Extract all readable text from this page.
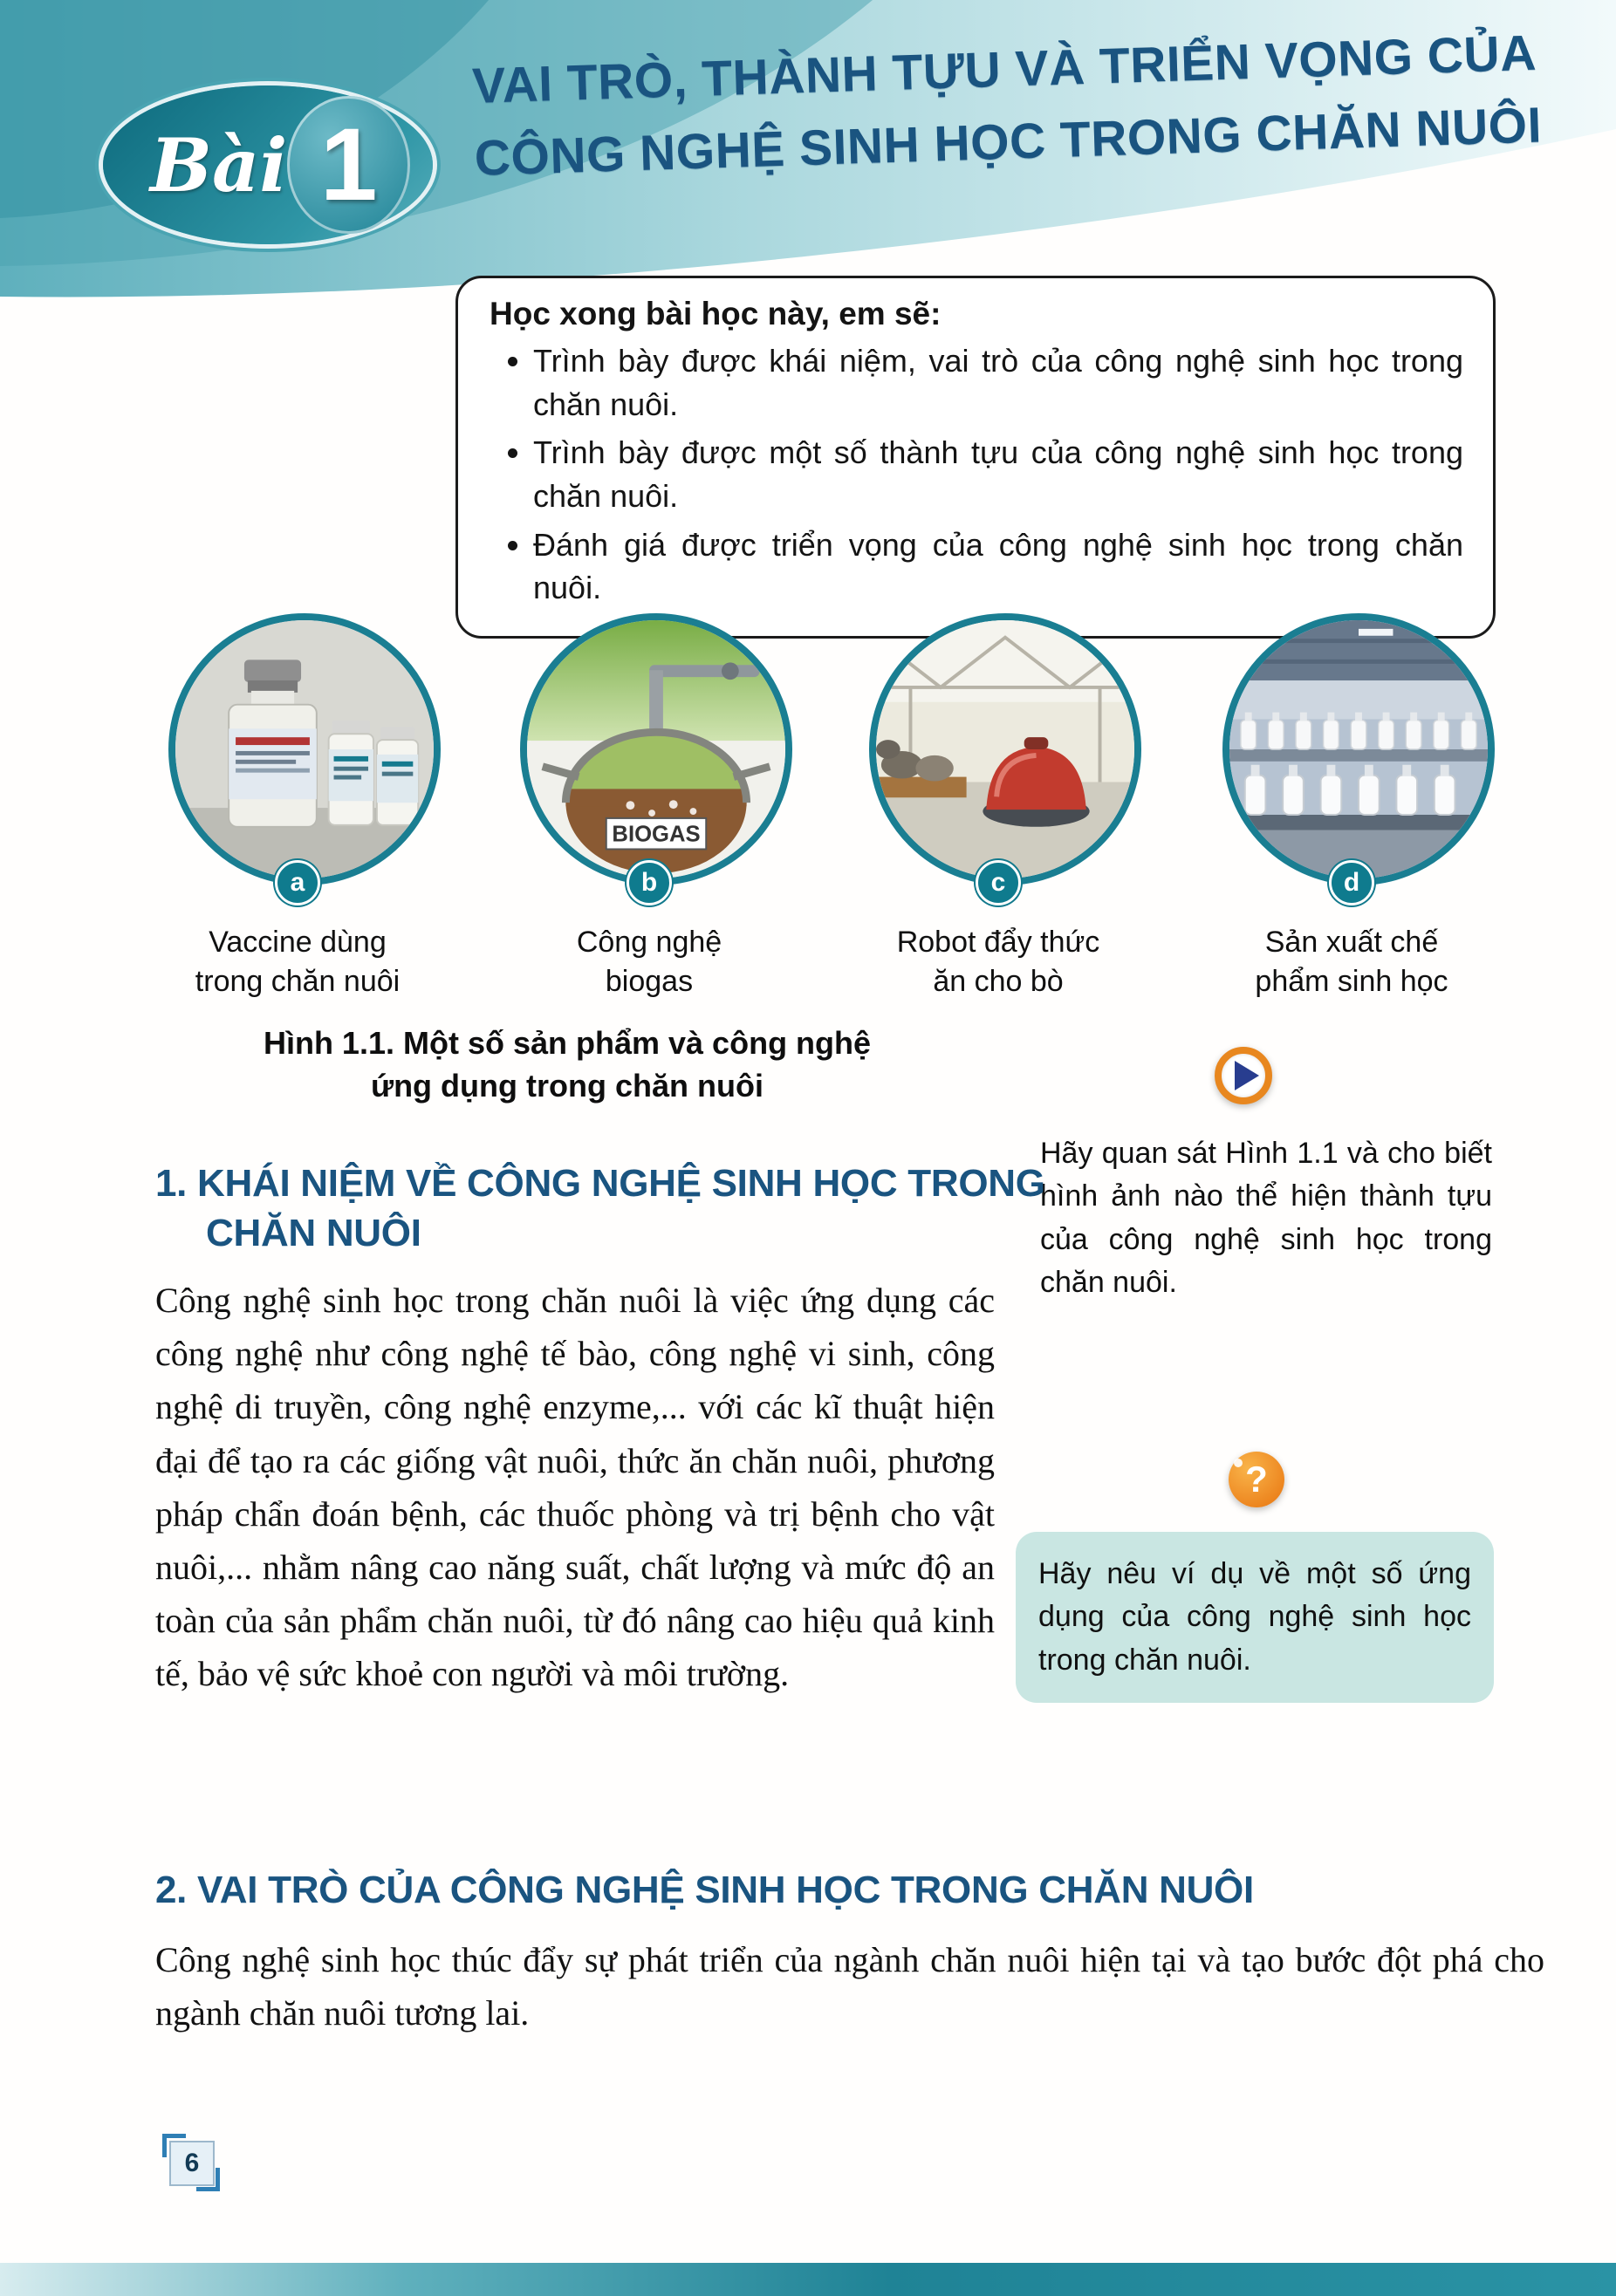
Bài 1
VAI TRÒ, THÀNH TỰU VÀ TRIỂN VỌNG CỦA
CÔNG NGHỆ SINH HỌC TRONG CHĂN NUÔI
Học xong bài học này, em sẽ:
• Trình bày được khái niệm, vai trò của công nghệ sinh học trong chăn nuôi.
• Trình bày được một số thành tựu của công nghệ sinh học trong chăn nuôi.
• Đánh giá được triển vọng của công nghệ sinh học trong chăn nuôi.
BIOGAS
a	b	c	d
Vaccine dùng
trong chăn nuôi
Công nghệ
biogas
Robot đẩy thức
ăn cho bò
Sản xuất chế
phẩm sinh học
Hình 1.1. Một số sản phẩm và công nghệ
ứng dụng trong chăn nuôi
Hãy quan sát Hình 1.1 và cho biết hình ảnh nào thể hiện thành tựu của công nghệ sinh học trong chăn nuôi.
1. KHÁI NIỆM VỀ CÔNG NGHỆ SINH HỌC TRONG
CHĂN NUÔI

Công nghệ sinh học trong chăn nuôi là việc ứng dụng các công nghệ như công nghệ tế bào, công nghệ vi sinh, công nghệ di truyền, công nghệ enzyme,... với các kĩ thuật hiện đại để tạo ra các giống vật nuôi, thức ăn chăn nuôi, phương pháp chẩn đoán bệnh, các thuốc phòng và trị bệnh cho vật nuôi,... nhằm nâng cao năng suất, chất lượng và mức độ an toàn của sản phẩm chăn nuôi, từ đó nâng cao hiệu quả kinh tế, bảo vệ sức khoẻ con người và môi trường.

?
Hãy nêu ví dụ về một số ứng dụng của công nghệ sinh học trong chăn nuôi.
2. VAI TRÒ CỦA CÔNG NGHỆ SINH HỌC TRONG CHĂN NUÔI

Công nghệ sinh học thúc đẩy sự phát triển của ngành chăn nuôi hiện tại và tạo bước đột phá cho ngành chăn nuôi tương lai.

6
